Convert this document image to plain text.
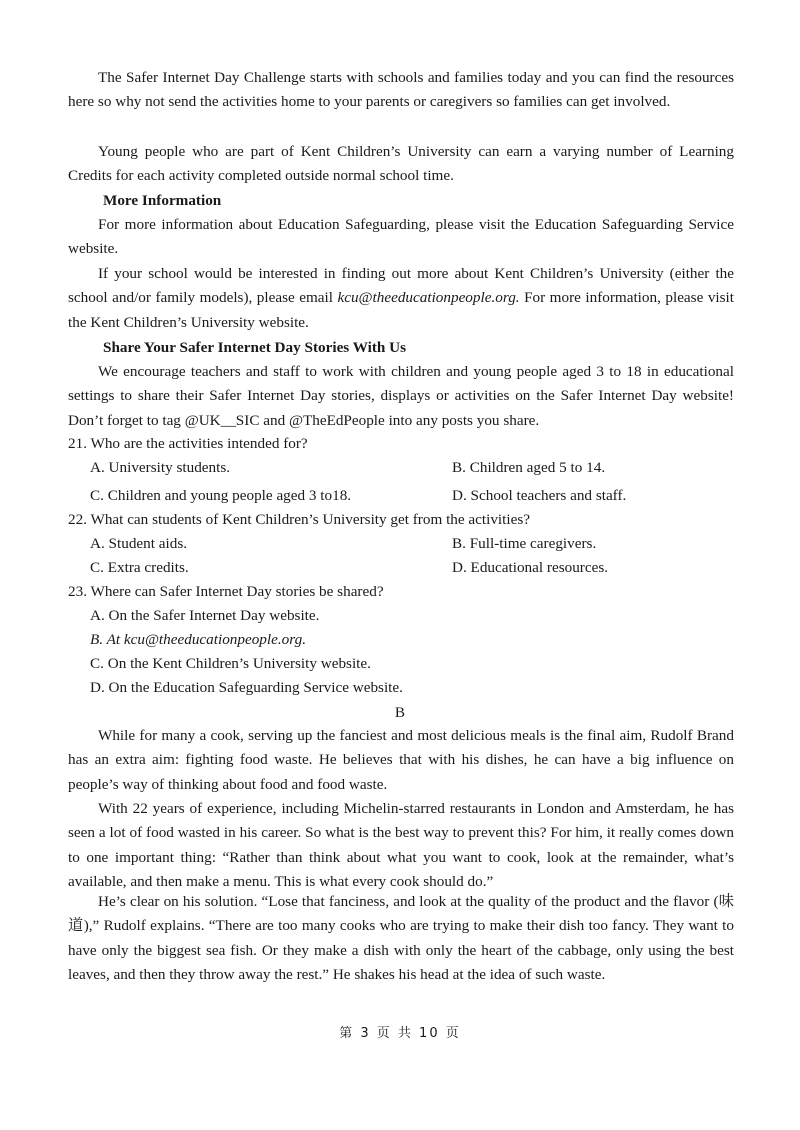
The Safer Internet Day Challenge starts with schools and families today and you can find the resources here so why not send the activities home to your parents or caregivers so families can get involved.

Young people who are part of Kent Children’s University can earn a varying number of Learning Credits for each activity completed outside normal school time.

More Information

For more information about Education Safeguarding, please visit the Education Safeguarding Service website.

If your school would be interested in finding out more about Kent Children’s University (either the school and/or family models), please email kcu@theeducationpeople.org. For more information, please visit the Kent Children’s University website.

Share Your Safer Internet Day Stories With Us

We encourage teachers and staff to work with children and young people aged 3 to 18 in educational settings to share their Safer Internet Day stories, displays or activities on the Safer Internet Day website! Don’t forget to tag @UK__SIC and @TheEdPeople into any posts you share.

21. Who are the activities intended for?

A. University students.	B. Children aged 5 to 14.

C. Children and young people aged 3 to18.	D. School teachers and staff.

22. What can students of Kent Children’s University get from the activities?

A. Student aids.	B. Full-time caregivers.

C. Extra credits.	D. Educational resources.

23. Where can Safer Internet Day stories be shared?

A. On the Safer Internet Day website.

B. At kcu@theeducationpeople.org.

C. On the Kent Children’s University website.

D. On the Education Safeguarding Service website.

B

While for many a cook, serving up the fanciest and most delicious meals is the final aim, Rudolf Brand has an extra aim: fighting food waste. He believes that with his dishes, he can have a big influence on people’s way of thinking about food and food waste.

With 22 years of experience, including Michelin-starred restaurants in London and Amsterdam, he has seen a lot of food wasted in his career. So what is the best way to prevent this? For him, it really comes down to one important thing: “Rather than think about what you want to cook, look at the remainder, what’s available, and then make a menu. This is what every cook should do.”

He’s clear on his solution. “Lose that fanciness, and look at the quality of the product and the flavor (味道),” Rudolf explains. “There are too many cooks who are trying to make their dish too fancy. They want to have only the biggest sea fish. Or they make a dish with only the heart of the cabbage, only using the best leaves, and then they throw away the rest.” He shakes his head at the idea of such waste.

第 3 页 共 10 页
